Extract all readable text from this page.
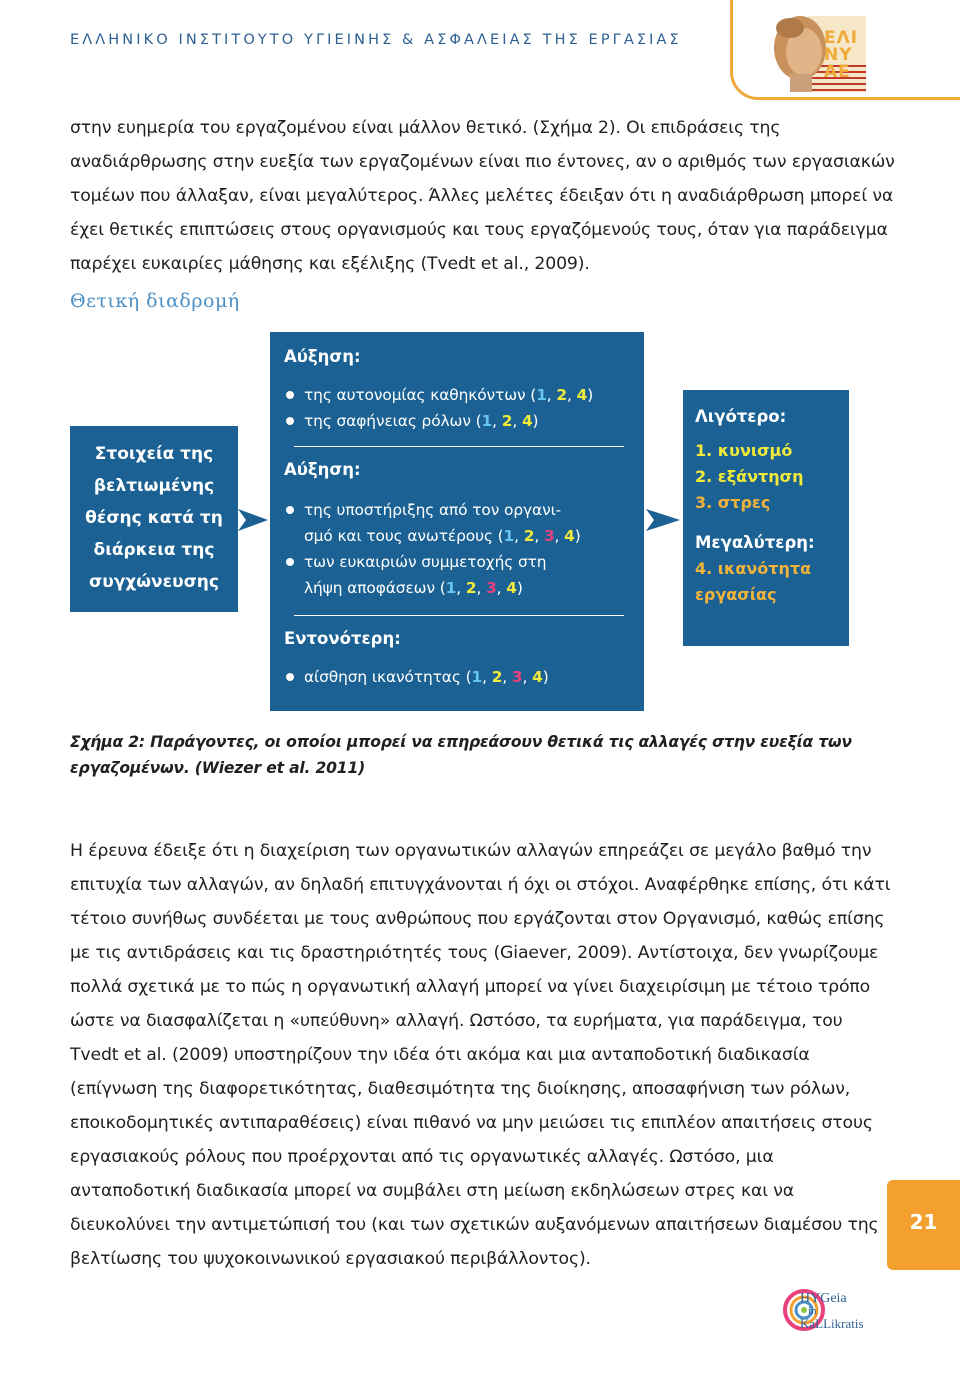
ΕΛΛΗΝΙΚΟ ΙΝΣΤΙΤΟΥΤΟ ΥΓΙΕΙΝΗΣ & ΑΣΦΑΛΕΙΑΣ ΤΗΣ ΕΡΓΑΣΙΑΣ	ΕΛΙΝΥΑΕ
στην ευημερία του εργαζομένου είναι μάλλον θετικό. (Σχήμα 2). Οι επιδράσεις της αναδιάρθρωσης στην ευεξία των εργαζομένων είναι πιο έντονες, αν ο αριθμός των εργασιακών τομέων που άλλαξαν, είναι μεγαλύτερος. Άλλες μελέτες έδειξαν ότι η αναδιάρθρωση μπορεί να έχει θετικές επιπτώσεις στους οργανισμούς και τους εργαζόμενούς τους, όταν για παράδειγμα παρέχει ευκαιρίες μάθησης και εξέλιξης (Tvedt et al., 2009).
Θετική διαδρομή
Στοιχεία της
βελτιωμένης
θέσης κατά τη
διάρκεια της
συγχώνευσης
Αύξηση:
της αυτονομίας καθηκόντων (1, 2, 4)
της σαφήνειας ρόλων (1, 2, 4)
Αύξηση:
της υποστήριξης από τον οργανι-
σμό και τους ανωτέρους (1, 2, 3, 4)
των ευκαιριών συμμετοχής στη
λήψη αποφάσεων (1, 2, 3, 4)
Εντονότερη:
αίσθηση ικανότητας (1, 2, 3, 4)
Λιγότερο:
1. κυνισμό
2. εξάντηση
3. στρες
Μεγαλύτερη:
4. ικανότητα
εργασίας
Σχήμα 2: Παράγοντες, οι οποίοι μπορεί να επηρεάσουν θετικά τις αλλαγές στην ευεξία των εργαζομένων. (Wiezer et al. 2011)
Η έρευνα έδειξε ότι η διαχείριση των οργανωτικών αλλαγών επηρεάζει σε μεγάλο βαθμό την επιτυχία των αλλαγών, αν δηλαδή επιτυγχάνονται ή όχι οι στόχοι. Αναφέρθηκε επίσης, ότι κάτι τέτοιο συνήθως συνδέεται με τους ανθρώπους που εργάζονται στον Οργανισμό, καθώς επίσης με τις αντιδράσεις και τις δραστηριότητές τους (Giaever, 2009). Αντίστοιχα, δεν γνωρίζουμε πολλά σχετικά με το πώς η οργανωτική αλλαγή μπορεί να γίνει διαχειρίσιμη με τέτοιο τρόπο ώστε να διασφαλίζεται η «υπεύθυνη» αλλαγή. Ωστόσο, τα ευρήματα, για παράδειγμα, του Tvedt et al. (2009) υποστηρίζουν την ιδέα ότι ακόμα και μια ανταποδοτική διαδικασία (επίγνωση της διαφορετικότητας, διαθεσιμότητα της διοίκησης, αποσαφήνιση των ρόλων, εποικοδομητικές αντιπαραθέσεις) είναι πιθανό να μην μειώσει τις επιπλέον απαιτήσεις στους εργασιακούς ρόλους που προέρχονται από τις οργανωτικές αλλαγές. Ωστόσο, μια ανταποδοτική διαδικασία μπορεί να συμβάλει στη μείωση εκδηλώσεων στρες και να διευκολύνει την αντιμετώπισή του (και των σχετικών αυξανόμενων απαιτήσεων διαμέσου της βελτίωσης του ψυχοκοινωνικού εργασιακού περιβάλλοντος).
21
HYGeia
in
KaLLikratis
